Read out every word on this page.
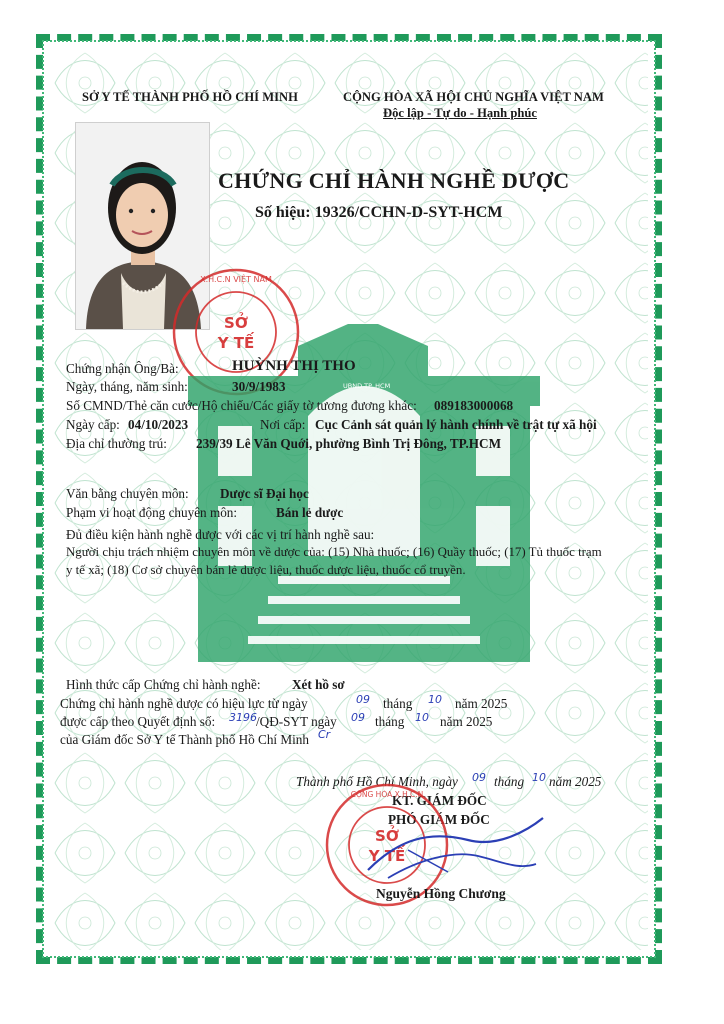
SỞ Y TẾ THÀNH PHỐ HỒ CHÍ MINH	CỘNG HÒA XÃ HỘI CHỦ NGHĨA VIỆT NAM
Độc lập - Tự do - Hạnh phúc
SỞ
Y TẾ
X.H.C.N VIỆT NAM
CHỨNG CHỈ HÀNH NGHỀ DƯỢC
Số hiệu: 19326/CCHN-D-SYT-HCM
UBND TP. HCM
Chứng nhận Ông/Bà:	HUỲNH THỊ THO
Ngày, tháng, năm sinh:	30/9/1983
Số CMND/Thẻ căn cước/Hộ chiếu/Các giấy tờ tương đương khác: 089183000068
Ngày cấp: 04/10/2023	Nơi cấp: Cục Cảnh sát quản lý hành chính về trật tự xã hội
Địa chỉ thường trú: 239/39 Lê Văn Quới, phường Bình Trị Đông, TP.HCM
Văn bằng chuyên môn: Dược sĩ Đại học
Phạm vi hoạt động chuyên môn:	Bán lẻ dược
Đủ điều kiện hành nghề dược với các vị trí hành nghề sau:
Người chịu trách nhiệm chuyên môn về dược của: (15) Nhà thuốc; (16) Quầy thuốc; (17) Tủ thuốc trạm
y tế xã; (18) Cơ sở chuyên bán lẻ dược liệu, thuốc dược liệu, thuốc cổ truyền.
Hình thức cấp Chứng chỉ hành nghề: Xét hồ sơ
Chứng chỉ hành nghề dược có hiệu lực từ ngày	09 tháng 10 năm 2025
được cấp theo Quyết định số: 3196 /QĐ-SYT ngày 09 tháng 10 năm 2025
của Giám đốc Sở Y tế Thành phố Hồ Chí Minh Cr
Thành phố Hồ Chí Minh, ngày 09 tháng 10 năm 2025
KT. GIÁM ĐỐC
PHÓ GIÁM ĐỐC
SỞ
Y TẾ
CỘNG HÒA X.H.C.N
Nguyễn Hồng Chương
